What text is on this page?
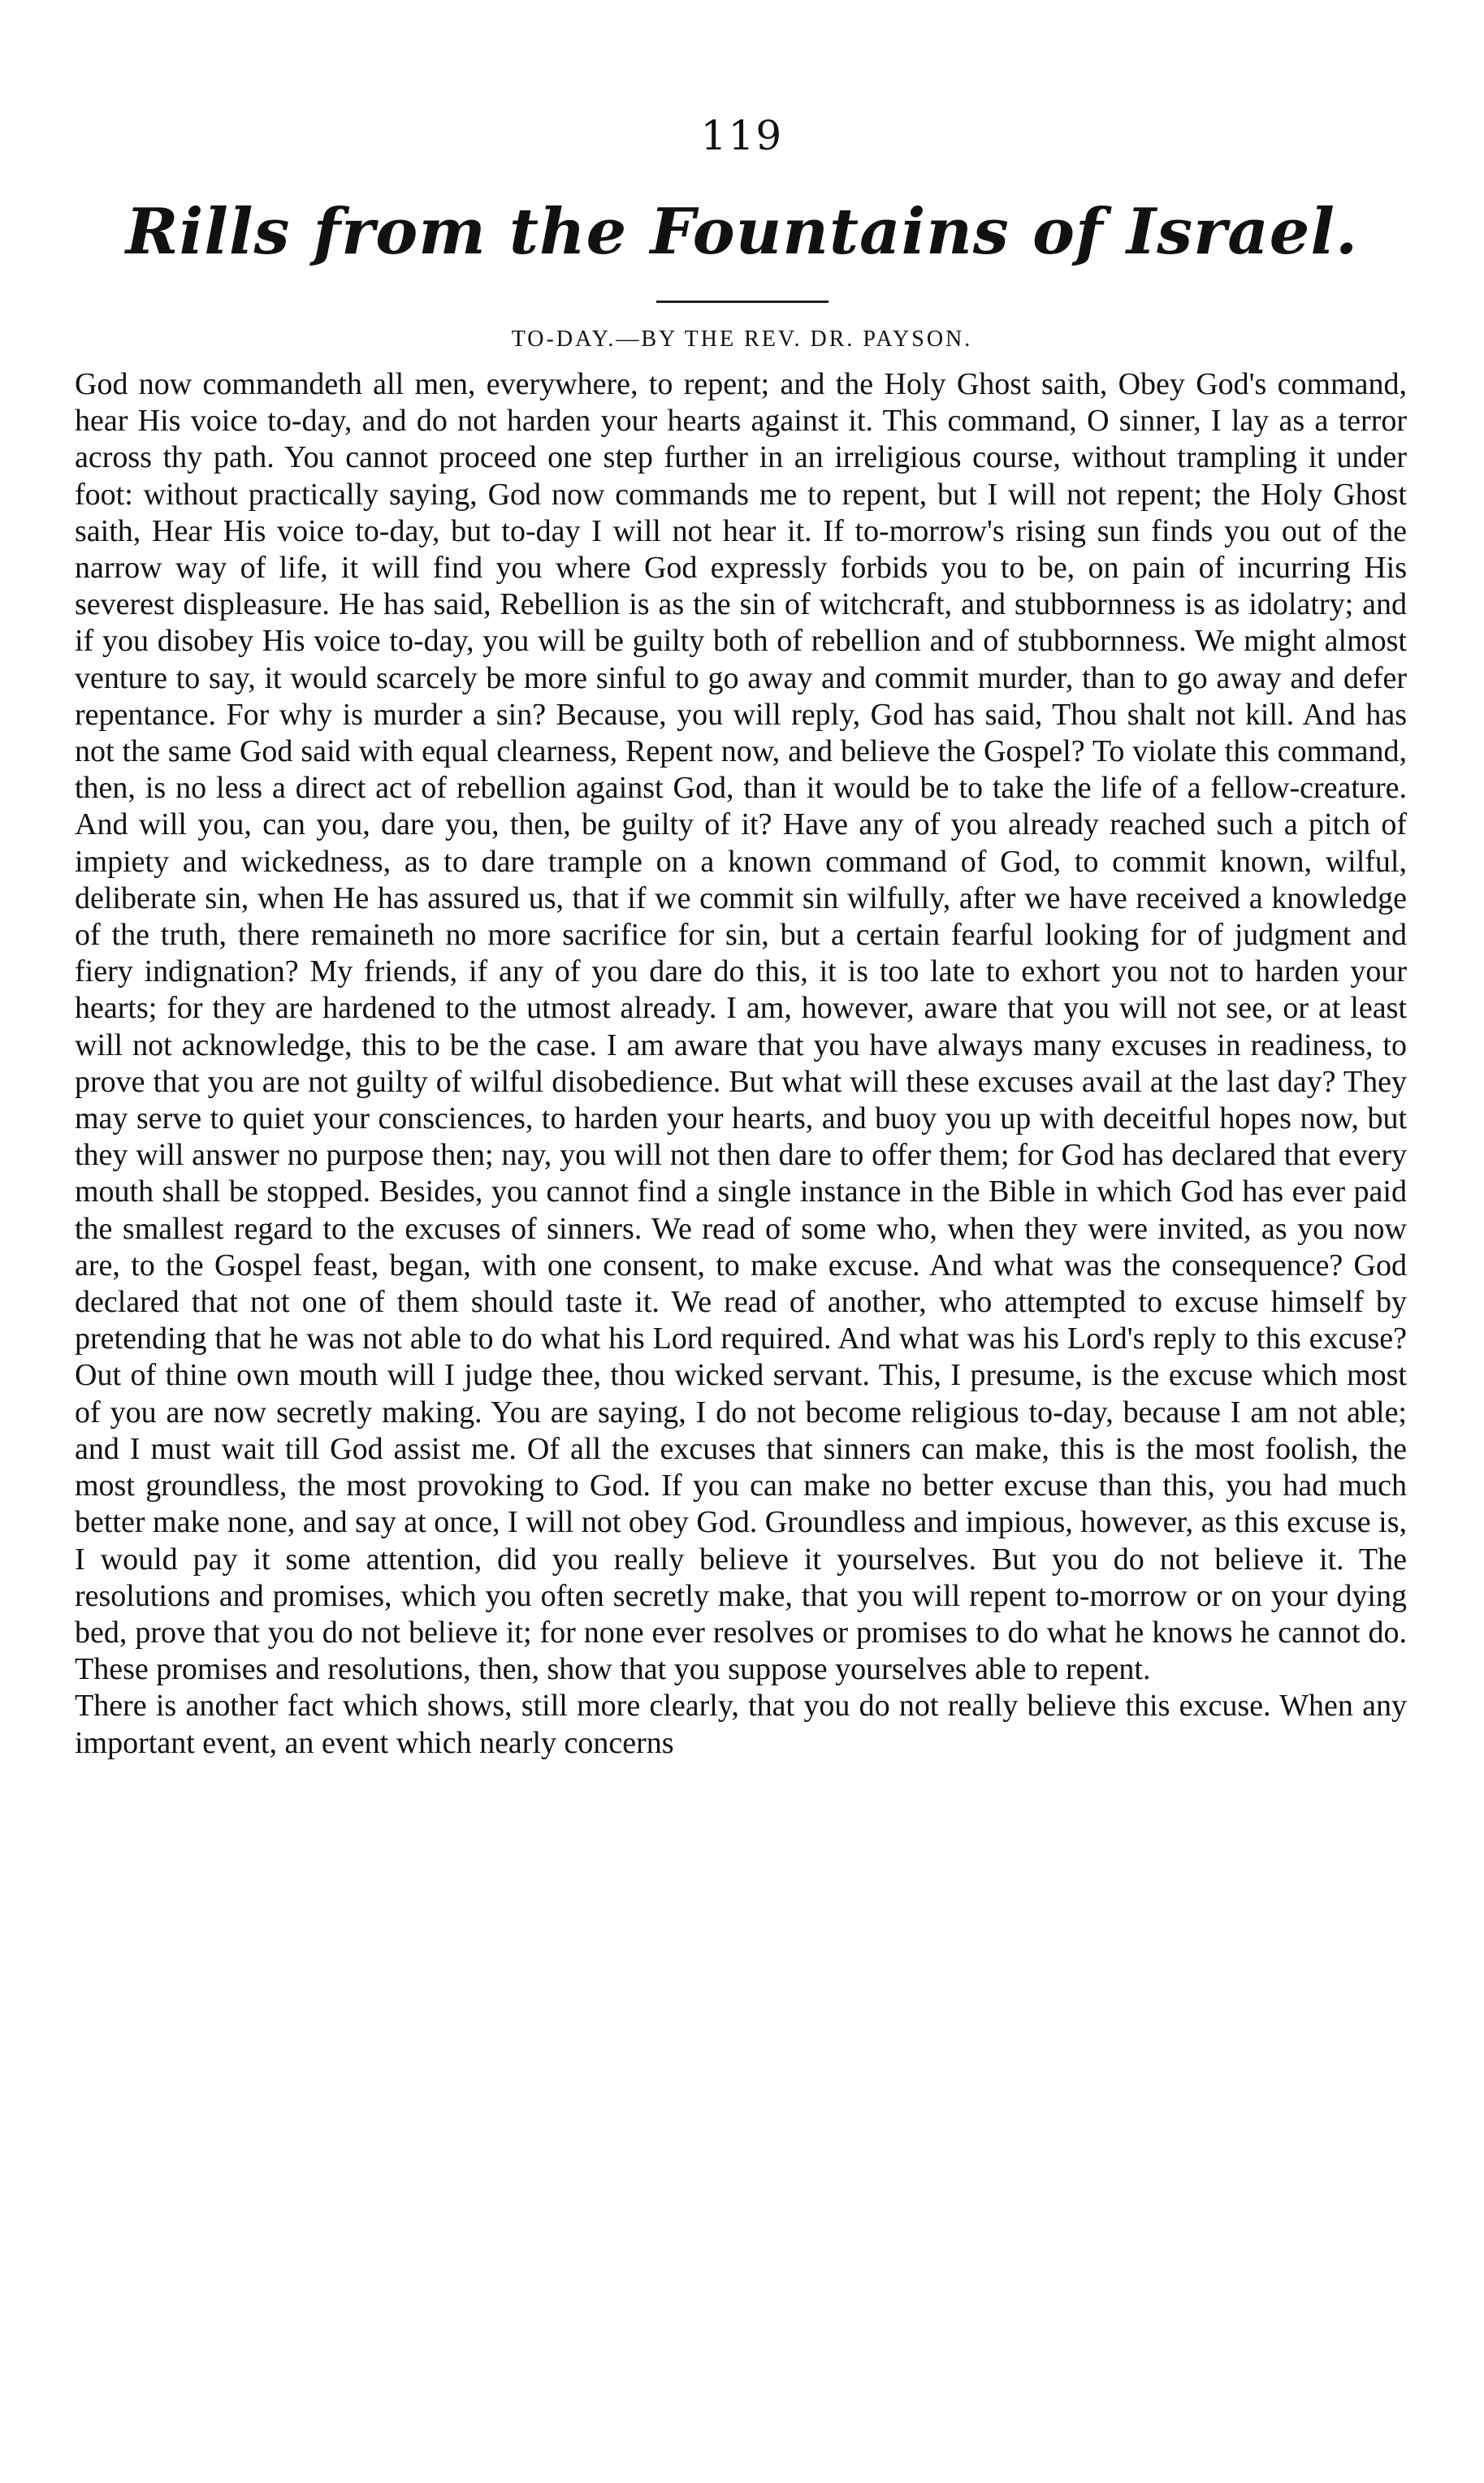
119
Rills from the Fountains of Israel.
TO-DAY.—BY THE REV. DR. PAYSON.

God now commandeth all men, everywhere, to repent; and the Holy Ghost saith, Obey God's command, hear His voice to-day, and do not harden your hearts against it. This command, O sinner, I lay as a terror across thy path. You cannot proceed one step further in an irreligious course, without trampling it under foot: without practically saying, God now commands me to repent, but I will not repent; the Holy Ghost saith, Hear His voice to-day, but to-day I will not hear it. If to-morrow's rising sun finds you out of the narrow way of life, it will find you where God expressly forbids you to be, on pain of incurring His severest displeasure. He has said, Rebellion is as the sin of witchcraft, and stubbornness is as idolatry; and if you disobey His voice to-day, you will be guilty both of rebellion and of stubbornness. We might almost venture to say, it would scarcely be more sinful to go away and commit murder, than to go away and defer repentance. For why is murder a sin? Because, you will reply, God has said, Thou shalt not kill. And has not the same God said with equal clearness, Repent now, and believe the Gospel? To violate this command, then, is no less a direct act of rebellion against God, than it would be to take the life of a fellow-creature. And will you, can you, dare you, then, be guilty of it? Have any of you already reached such a pitch of impiety and wickedness, as to dare trample on a known command of God, to commit known, wilful, deliberate sin, when He has assured us, that if we commit sin wilfully, after we have received a knowledge of the truth, there remaineth no more sacrifice for sin, but a certain fearful looking for of judgment and fiery indignation? My friends, if any of you dare do this, it is too late to exhort you not to harden your hearts; for they are hardened to the utmost already. I am, however, aware that you will not see, or at least will not acknowledge, this to be the case. I am aware that you have always many excuses in readiness, to prove that you are not guilty of wilful disobedience. But what will these excuses avail at the last day? They may serve to quiet your consciences, to harden your hearts, and buoy you up with deceitful hopes now, but they will answer no purpose then; nay, you will not then dare to offer them; for God has declared that every mouth shall be stopped. Besides, you cannot find a single instance in the Bible in which God has ever paid the smallest regard to the excuses of sinners. We read of some who, when they were invited, as you now are, to the Gospel feast, began, with one consent, to make excuse. And what was the consequence? God declared that not one of them should taste it. We read of another, who attempted to excuse himself by pretending that he was not able to do what his Lord required. And what was his Lord's reply to this excuse? Out of thine own mouth will I judge thee, thou wicked servant. This, I presume, is the excuse which most of you are now secretly making. You are saying, I do not become religious to-day, because I am not able; and I must wait till God assist me. Of all the excuses that sinners can make, this is the most foolish, the most groundless, the most provoking to God. If you can make no better excuse than this, you had much better make none, and say at once, I will not obey God. Groundless and impious, however, as this excuse is, I would pay it some attention, did you really believe it yourselves. But you do not believe it. The resolutions and promises, which you often secretly make, that you will repent to-morrow or on your dying bed, prove that you do not believe it; for none ever resolves or promises to do what he knows he cannot do. These promises and resolutions, then, show that you suppose yourselves able to repent.

There is another fact which shows, still more clearly, that you do not really believe this excuse. When any important event, an event which nearly concerns
